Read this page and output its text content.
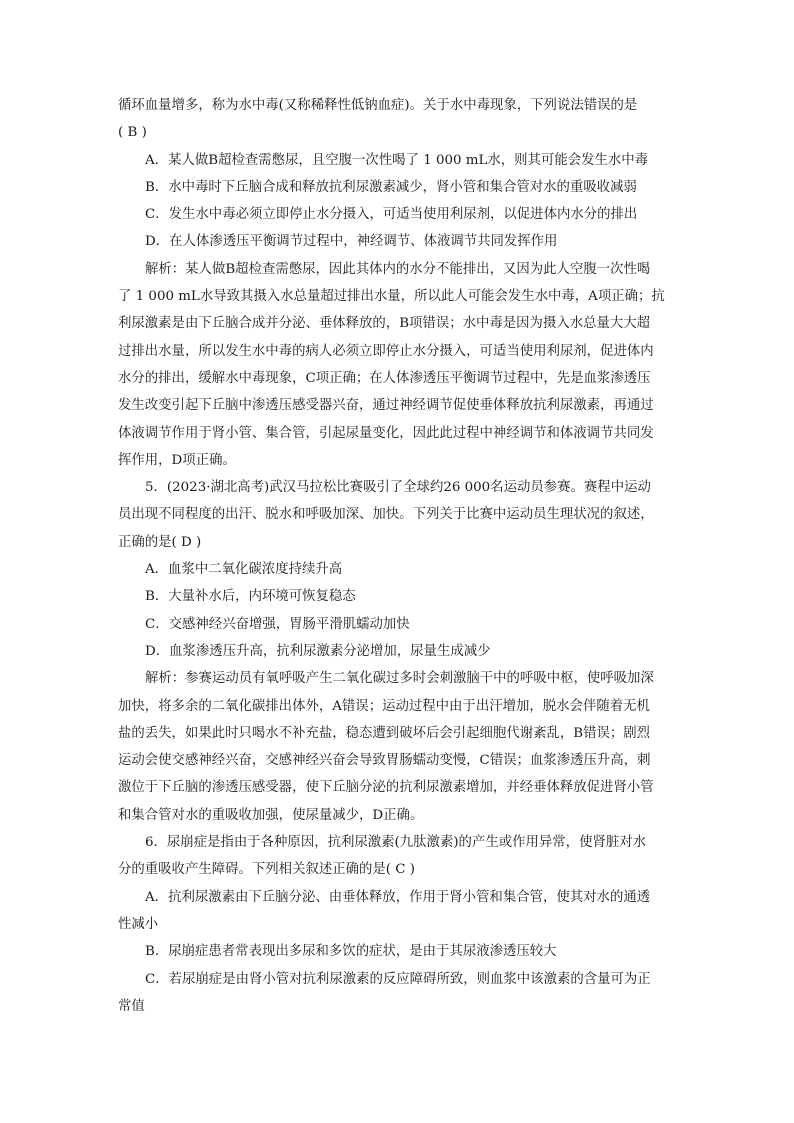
循环血量增多，称为水中毒(又称稀释性低钠血症)。关于水中毒现象，下列说法错误的是
( B )
A．某人做B超检查需憋尿，且空腹一次性喝了 1 000 mL水，则其可能会发生水中毒
B．水中毒时下丘脑合成和释放抗利尿激素减少，肾小管和集合管对水的重吸收减弱
C．发生水中毒必须立即停止水分摄入，可适当使用利尿剂，以促进体内水分的排出
D．在人体渗透压平衡调节过程中，神经调节、体液调节共同发挥作用
解析：某人做B超检查需憋尿，因此其体内的水分不能排出，又因为此人空腹一次性喝
了 1 000 mL水导致其摄入水总量超过排出水量，所以此人可能会发生水中毒，A项正确；抗
利尿激素是由下丘脑合成并分泌、垂体释放的，B项错误；水中毒是因为摄入水总量大大超
过排出水量，所以发生水中毒的病人必须立即停止水分摄入，可适当使用利尿剂，促进体内
水分的排出，缓解水中毒现象，C项正确；在人体渗透压平衡调节过程中，先是血浆渗透压
发生改变引起下丘脑中渗透压感受器兴奋，通过神经调节促使垂体释放抗利尿激素，再通过
体液调节作用于肾小管、集合管，引起尿量变化，因此此过程中神经调节和体液调节共同发
挥作用，D项正确。
5．(2023·湖北高考)武汉马拉松比赛吸引了全球约26 000名运动员参赛。赛程中运动
员出现不同程度的出汗、脱水和呼吸加深、加快。下列关于比赛中运动员生理状况的叙述，
正确的是( D )
A．血浆中二氧化碳浓度持续升高
B．大量补水后，内环境可恢复稳态
C．交感神经兴奋增强，胃肠平滑肌蠕动加快
D．血浆渗透压升高，抗利尿激素分泌增加，尿量生成减少
解析：参赛运动员有氧呼吸产生二氧化碳过多时会刺激脑干中的呼吸中枢，使呼吸加深
加快，将多余的二氧化碳排出体外，A错误；运动过程中由于出汗增加，脱水会伴随着无机
盐的丢失，如果此时只喝水不补充盐，稳态遭到破坏后会引起细胞代谢紊乱，B错误；剧烈
运动会使交感神经兴奋，交感神经兴奋会导致胃肠蠕动变慢，C错误；血浆渗透压升高，刺
激位于下丘脑的渗透压感受器，使下丘脑分泌的抗利尿激素增加，并经垂体释放促进肾小管
和集合管对水的重吸收加强，使尿量减少，D正确。
6．尿崩症是指由于各种原因，抗利尿激素(九肽激素)的产生或作用异常，使肾脏对水
分的重吸收产生障碍。下列相关叙述正确的是( C )
A．抗利尿激素由下丘脑分泌、由垂体释放，作用于肾小管和集合管，使其对水的通透
性减小
B．尿崩症患者常表现出多尿和多饮的症状，是由于其尿液渗透压较大
C．若尿崩症是由肾小管对抗利尿激素的反应障碍所致，则血浆中该激素的含量可为正
常值
